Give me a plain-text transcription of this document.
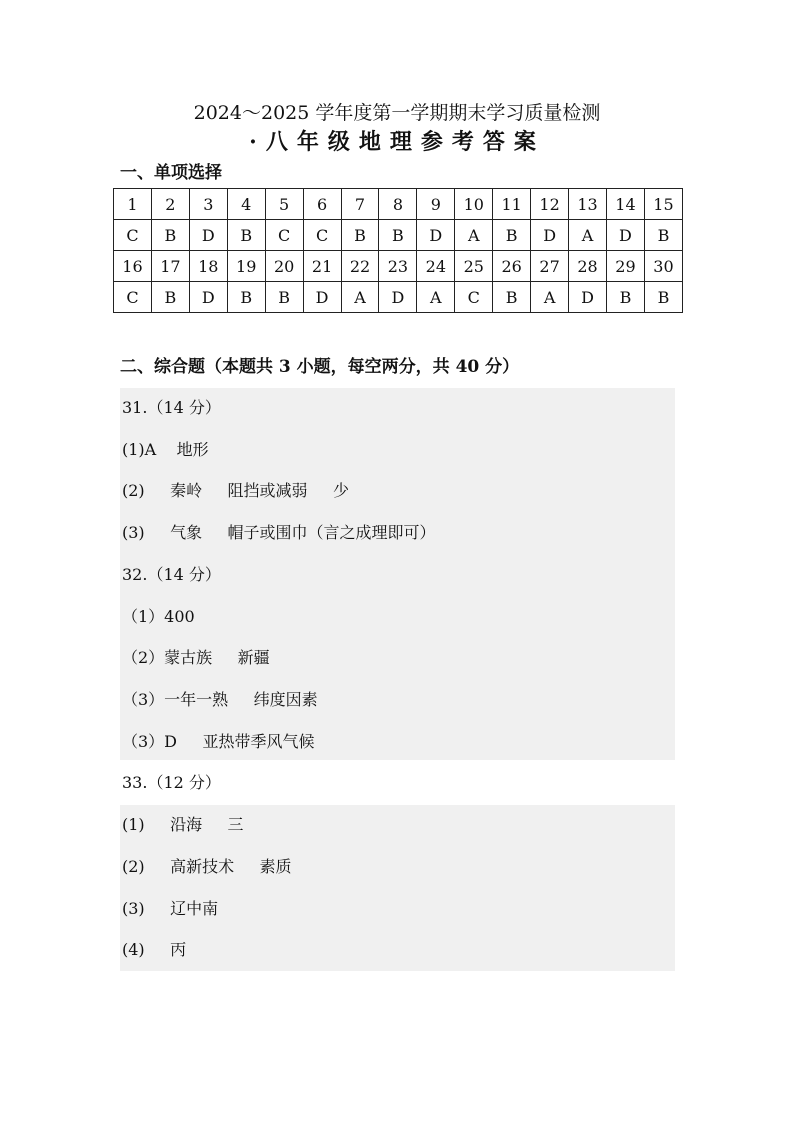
2024～2025 学年度第一学期期末学习质量检测
·八年级地理参考答案
一、单项选择
1	2	3	4	5	6	7	8	9	10	11	12	13	14	15
C	B	D	B	C	C	B	B	D	A	B	D	A	D	B
16	17	18	19	20	21	22	23	24	25	26	27	28	29	30
C	B	D	B	B	D	A	D	A	C	B	A	D	B	B
二、综合题（本题共 3 小题，每空两分，共 40 分）
31.（14 分）
(1)A    地形
(2)     秦岭     阻挡或减弱     少
(3)     气象     帽子或围巾（言之成理即可）
32.（14 分）
（1）400
（2）蒙古族     新疆
（3）一年一熟     纬度因素
（3）D     亚热带季风气候
33.（12 分）
(1)     沿海     三
(2)     高新技术     素质
(3)     辽中南
(4)     丙
